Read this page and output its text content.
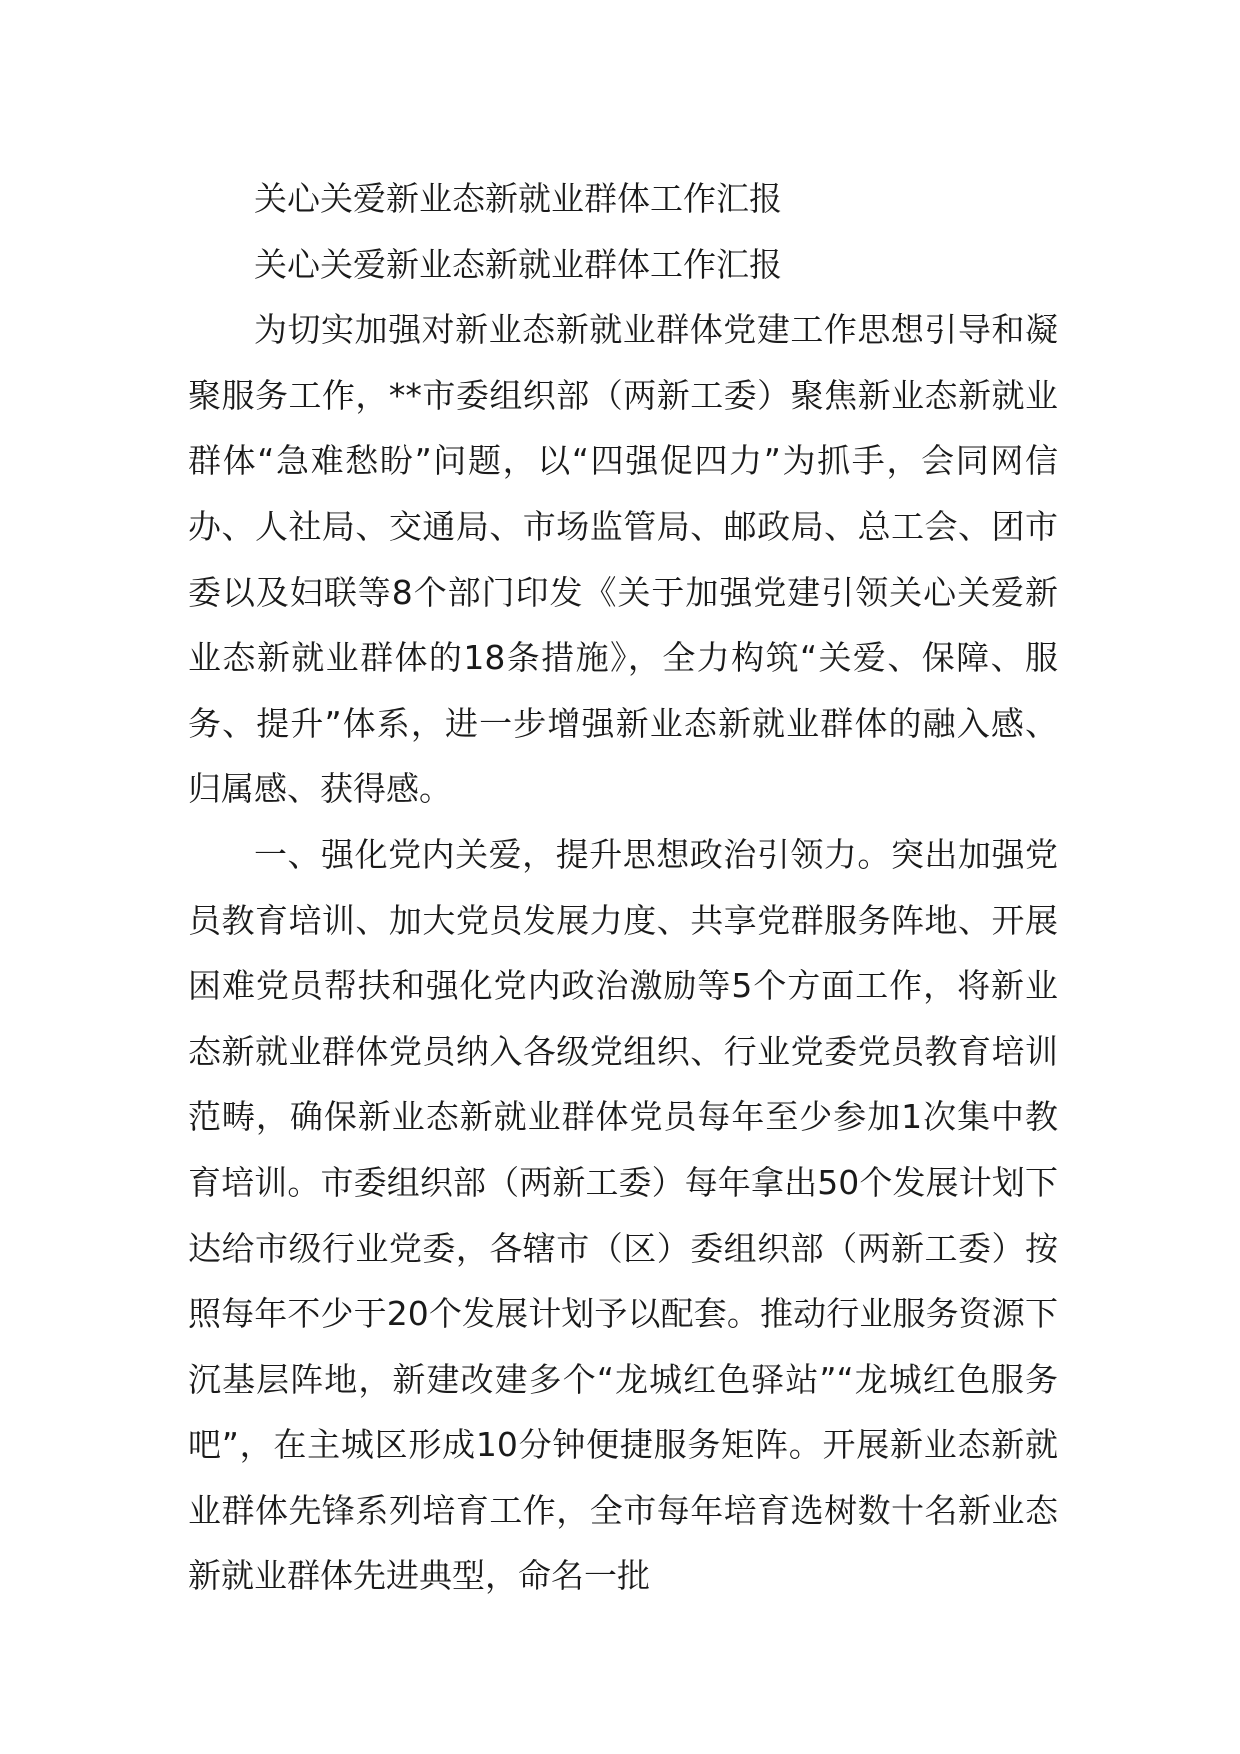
关心关爱新业态新就业群体工作汇报

关心关爱新业态新就业群体工作汇报

为切实加强对新业态新就业群体党建工作思想引导和凝聚服务工作，**市委组织部（两新工委）聚焦新业态新就业群体“急难愁盼”问题，以“四强促四力”为抓手，会同网信办、人社局、交通局、市场监管局、邮政局、总工会、团市委以及妇联等8个部门印发《关于加强党建引领关心关爱新业态新就业群体的18条措施》，全力构筑“关爱、保障、服务、提升”体系，进一步增强新业态新就业群体的融入感、归属感、获得感。

一、强化党内关爱，提升思想政治引领力。突出加强党员教育培训、加大党员发展力度、共享党群服务阵地、开展困难党员帮扶和强化党内政治激励等5个方面工作，将新业态新就业群体党员纳入各级党组织、行业党委党员教育培训范畴，确保新业态新就业群体党员每年至少参加1次集中教育培训。市委组织部（两新工委）每年拿出50个发展计划下达给市级行业党委，各辖市（区）委组织部（两新工委）按照每年不少于20个发展计划予以配套。推动行业服务资源下沉基层阵地，新建改建多个“龙城红色驿站”“龙城红色服务吧”，在主城区形成10分钟便捷服务矩阵。开展新业态新就业群体先锋系列培育工作，全市每年培育选树数十名新业态新就业群体先进典型，命名一批
